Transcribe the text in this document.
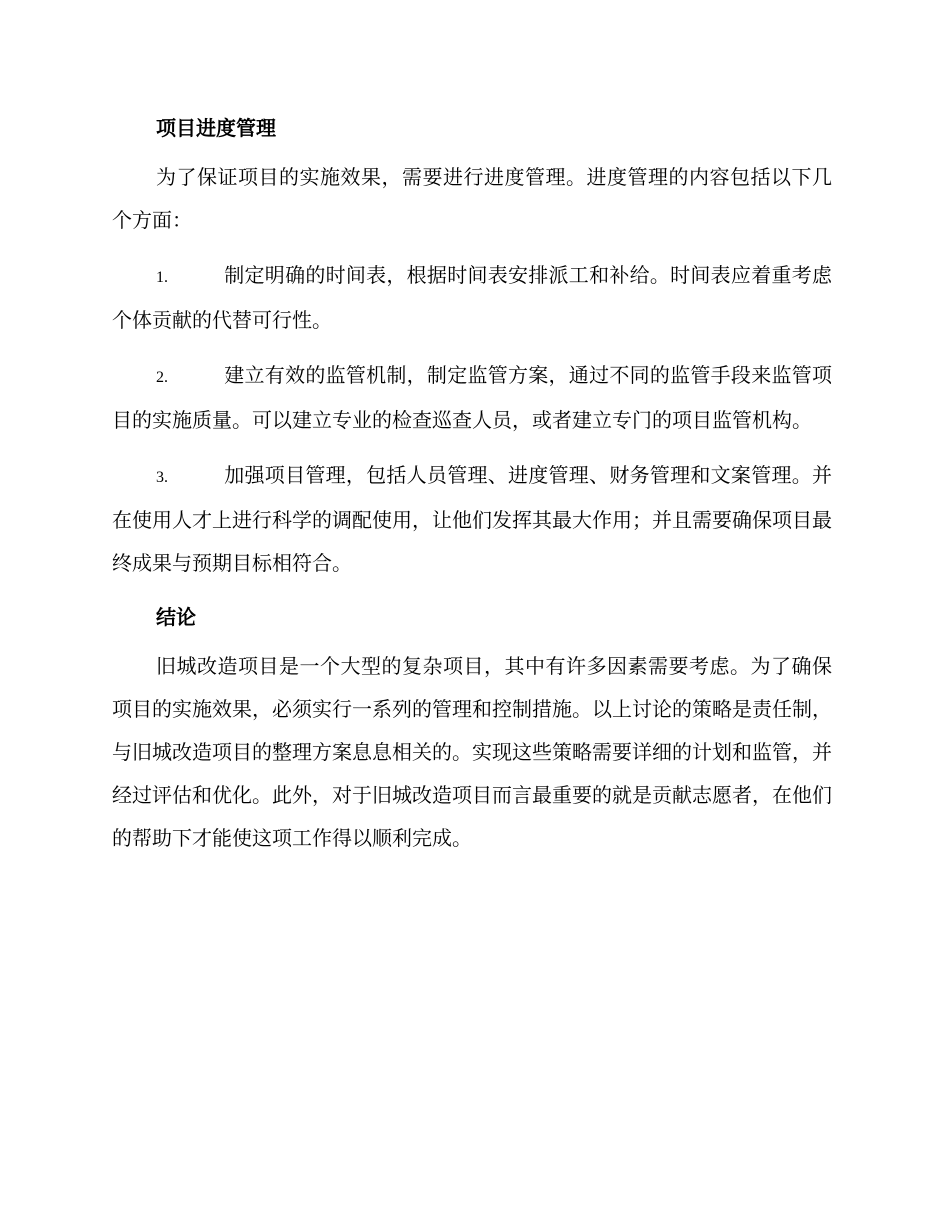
项目进度管理

为了保证项目的实施效果，需要进行进度管理。进度管理的内容包括以下几个方面：

1.	制定明确的时间表，根据时间表安排派工和补给。时间表应着重考虑个体贡献的代替可行性。

2.	建立有效的监管机制，制定监管方案，通过不同的监管手段来监管项目的实施质量。可以建立专业的检查巡查人员，或者建立专门的项目监管机构。

3.	加强项目管理，包括人员管理、进度管理、财务管理和文案管理。并在使用人才上进行科学的调配使用，让他们发挥其最大作用；并且需要确保项目最终成果与预期目标相符合。

结论

旧城改造项目是一个大型的复杂项目，其中有许多因素需要考虑。为了确保项目的实施效果，必须实行一系列的管理和控制措施。以上讨论的策略是责任制，与旧城改造项目的整理方案息息相关的。实现这些策略需要详细的计划和监管，并经过评估和优化。此外，对于旧城改造项目而言最重要的就是贡献志愿者，在他们的帮助下才能使这项工作得以顺利完成。
